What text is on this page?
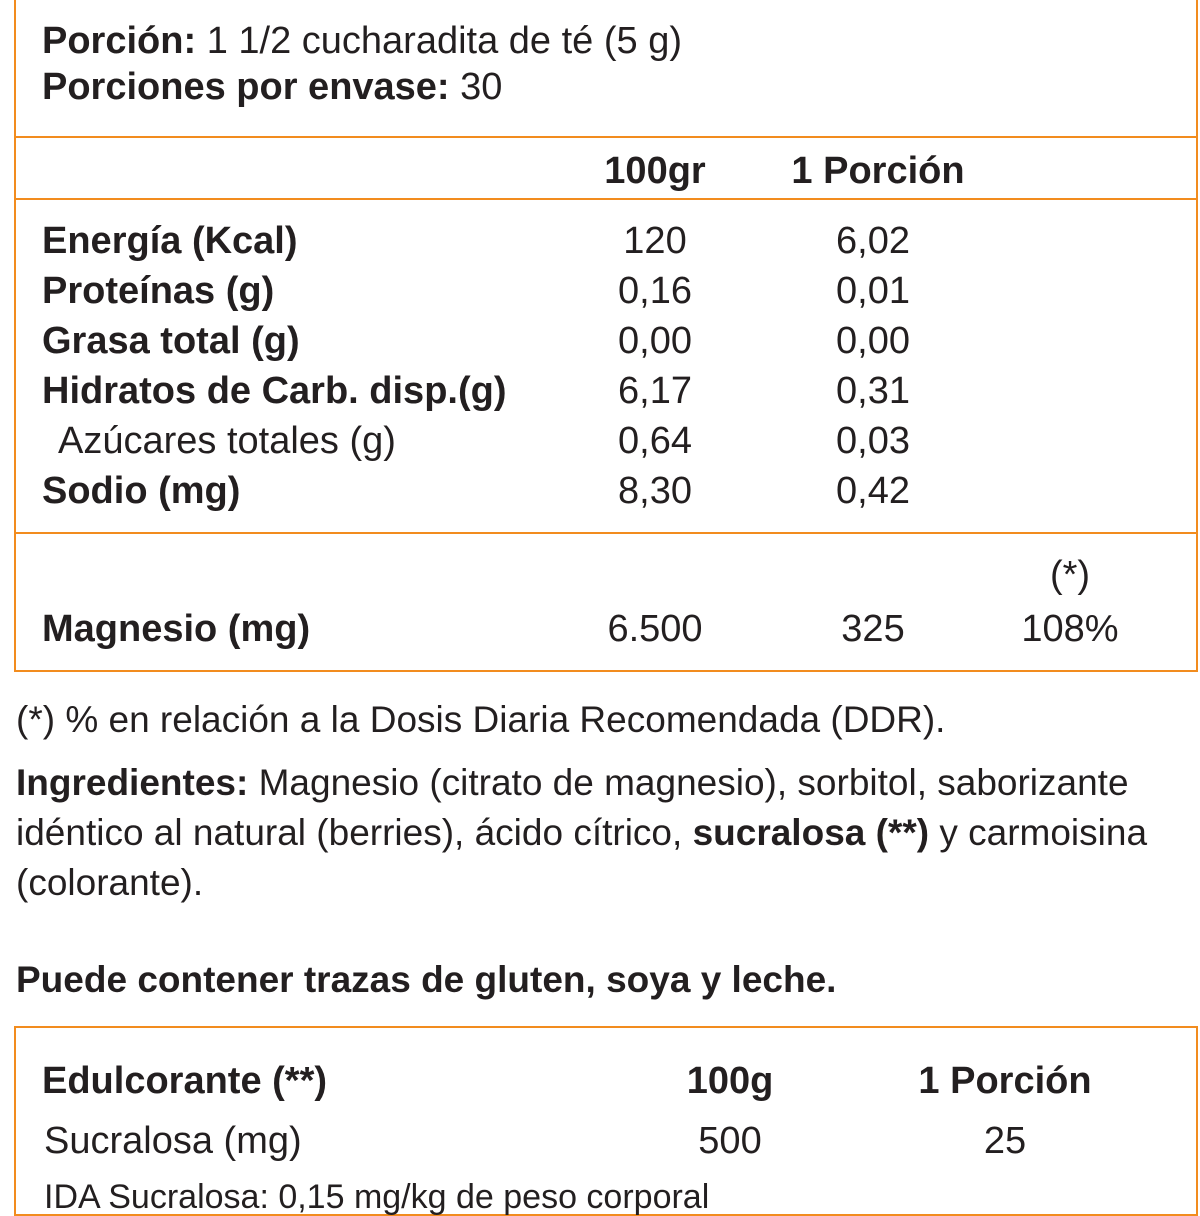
Porción: 1 1/2 cucharadita de té (5 g)
Porciones por envase: 30
100gr	1 Porción
Energía (Kcal)	120	6,02
Proteínas (g)	0,16	0,01
Grasa total (g)	0,00	0,00
Hidratos de Carb. disp.(g)	6,17	0,31
Azúcares totales (g)	0,64	0,03
Sodio (mg)	8,30	0,42
(*)
Magnesio (mg)	6.500	325	108%
(*) % en relación a la Dosis Diaria Recomendada (DDR).
Ingredientes: Magnesio (citrato de magnesio), sorbitol, saborizante
idéntico al natural (berries), ácido cítrico, sucralosa (**) y carmoisina
(colorante).
Puede contener trazas de gluten, soya y leche.
Edulcorante (**)	100g	1 Porción
Sucralosa (mg)	500	25
IDA Sucralosa: 0,15 mg/kg de peso corporal
